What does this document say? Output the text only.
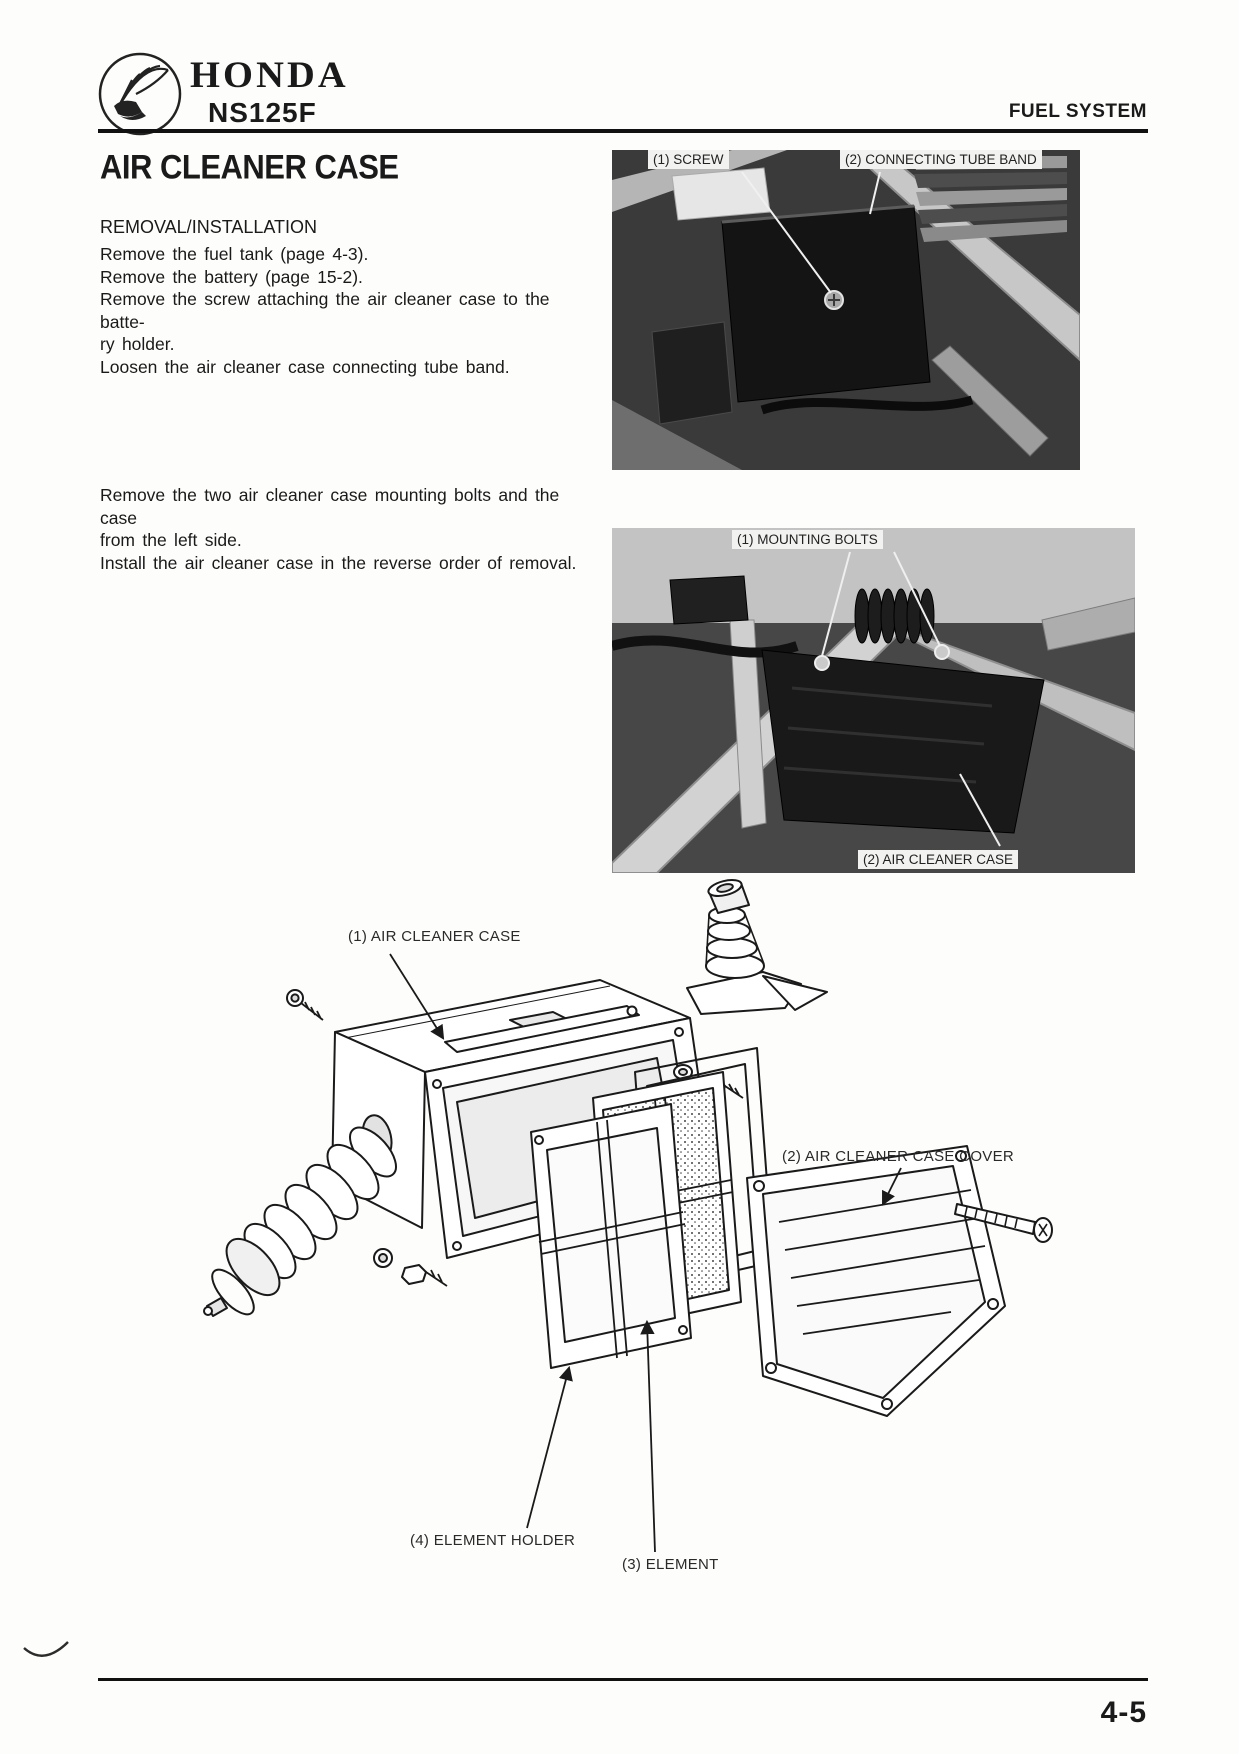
HONDA
NS125F	FUEL SYSTEM
AIR CLEANER CASE
REMOVAL/INSTALLATION
Remove the fuel tank (page 4-3).
Remove the battery (page 15-2).
Remove the screw attaching the air cleaner case to the batte-
ry holder.
Loosen the air cleaner case connecting tube band.
Remove the two air cleaner case mounting bolts and the case
from the left side.
Install the air cleaner case in the reverse order of removal.
(1) SCREW	(2) CONNECTING TUBE BAND
(1) MOUNTING BOLTS
(2) AIR CLEANER CASE
(1) AIR CLEANER CASE
(2) AIR CLEANER CASE COVER
(4) ELEMENT HOLDER
(3) ELEMENT
4-5
